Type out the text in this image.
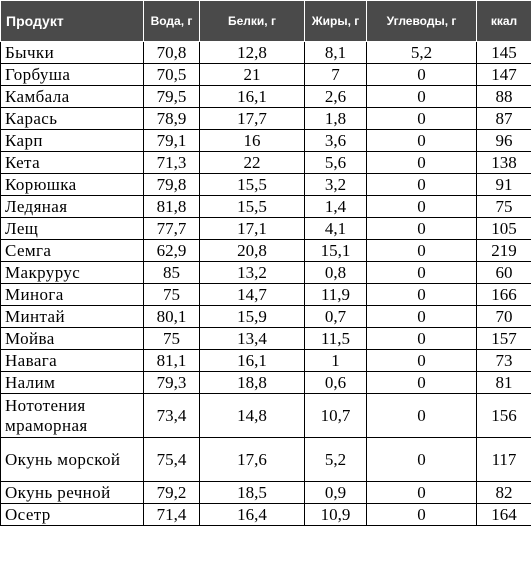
Продукт	Вода, г	Белки, г	Жиры, г	Углеводы, г	ккал
Бычки	70,8	12,8	8,1	5,2	145
Горбуша	70,5	21	7	0	147
Камбала	79,5	16,1	2,6	0	88
Карась	78,9	17,7	1,8	0	87
Карп	79,1	16	3,6	0	96
Кета	71,3	22	5,6	0	138
Корюшка	79,8	15,5	3,2	0	91
Ледяная	81,8	15,5	1,4	0	75
Лещ	77,7	17,1	4,1	0	105
Семга	62,9	20,8	15,1	0	219
Макрурус	85	13,2	0,8	0	60
Минога	75	14,7	11,9	0	166
Минтай	80,1	15,9	0,7	0	70
Мойва	75	13,4	11,5	0	157
Навага	81,1	16,1	1	0	73
Налим	79,3	18,8	0,6	0	81
Нототения мраморная	73,4	14,8	10,7	0	156
Окунь морской	75,4	17,6	5,2	0	117
Окунь речной	79,2	18,5	0,9	0	82
Осетр	71,4	16,4	10,9	0	164
